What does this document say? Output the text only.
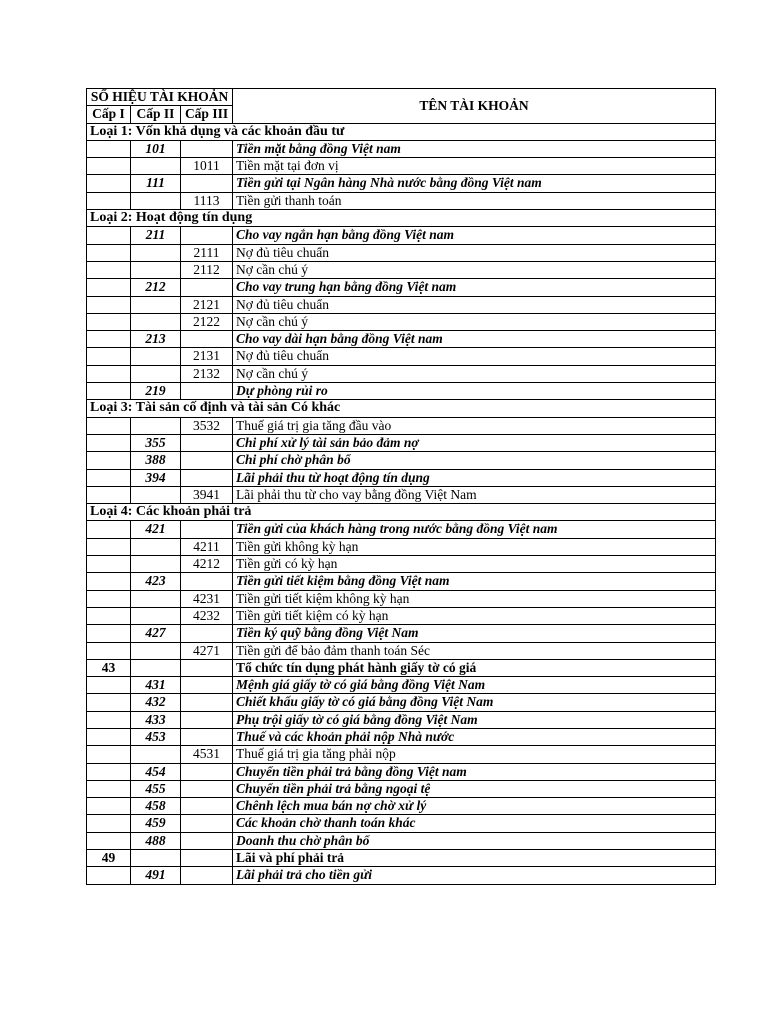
SỐ HIỆU TÀI KHOẢN			TÊN TÀI KHOẢN
Cấp I	Cấp II	Cấp III	
Loại 1: Vốn khả dụng và các khoản đầu tư			
	101		Tiền mặt bằng đồng Việt nam
		1011	Tiền mặt tại đơn vị
	111		Tiền gửi tại Ngân hàng Nhà nước bằng đồng Việt nam
		1113	Tiền gửi thanh toán
Loại 2: Hoạt động tín dụng			
	211		Cho vay ngắn hạn bằng đồng Việt nam
		2111	Nợ đủ tiêu chuẩn
		2112	Nợ cần chú ý
	212		Cho vay trung hạn bằng đồng Việt nam
		2121	Nợ đủ tiêu chuẩn
		2122	Nợ cần chú ý
	213		Cho vay dài hạn bằng đồng Việt nam
		2131	Nợ đủ tiêu chuẩn
		2132	Nợ cần chú ý
	219		Dự phòng rủi ro
Loại 3: Tài sản cố định và tài sản Có khác			
		3532	Thuế giá trị gia tăng đầu vào
	355		Chi phí xử lý tài sản bảo đảm nợ
	388		Chi phí chờ phân bổ
	394		Lãi phải thu từ hoạt động tín dụng
		3941	Lãi phải thu từ cho vay bằng đồng Việt Nam
Loại 4: Các khoản phải trả			
	421		Tiền gửi của khách hàng trong nước bằng đồng Việt nam
		4211	Tiền gửi không kỳ hạn
		4212	Tiền gửi có kỳ hạn
	423		Tiền gửi tiết kiệm bằng đồng Việt nam
		4231	Tiền gửi tiết kiệm không kỳ hạn
		4232	Tiền gửi tiết kiệm có kỳ hạn
	427		Tiền ký quỹ bằng đồng Việt Nam
		4271	Tiền gửi để bảo đảm thanh toán Séc
43			Tổ chức tín dụng phát hành giấy tờ có giá
	431		Mệnh giá giấy tờ có giá bằng đồng Việt Nam
	432		Chiết khấu giấy tờ có giá bằng đồng Việt Nam
	433		Phụ trội giấy tờ có giá bằng đồng Việt Nam
	453		Thuế và các khoản phải nộp Nhà nước
		4531	Thuế giá trị gia tăng phải nộp
	454		Chuyển tiền phải trả bằng đồng Việt nam
	455		Chuyển tiền phải trả bằng ngoại tệ
	458		Chênh lệch mua bán nợ chờ xử lý
	459		Các khoản chờ thanh toán khác
	488		Doanh thu chờ phân bổ
49			Lãi và phí phải trả
	491		Lãi phải trả cho tiền gửi
